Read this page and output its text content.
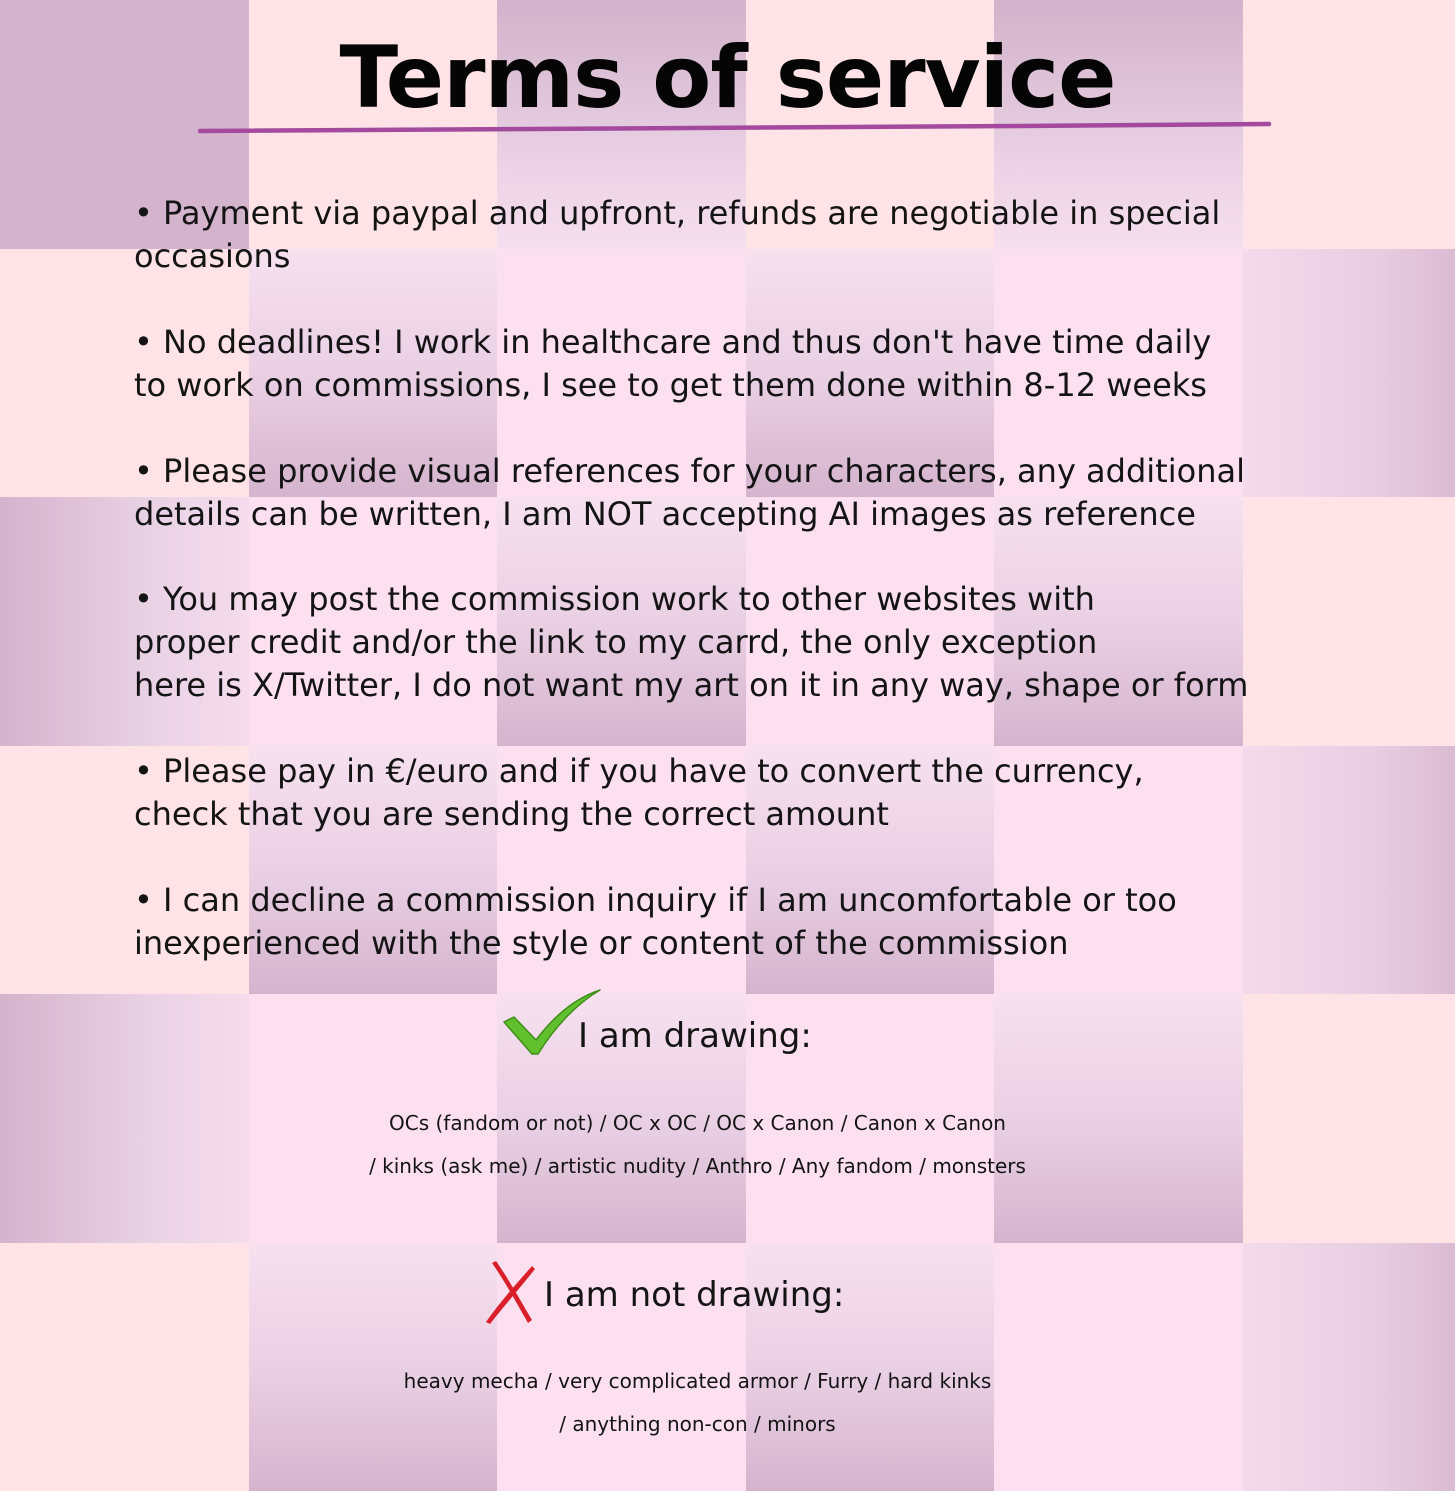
Terms of service

• Payment via paypal and upfront, refunds are negotiable in special
occasions

• No deadlines! I work in healthcare and thus don't have time daily
to work on commissions, I see to get them done within 8-12 weeks

• Please provide visual references for your characters, any additional
details can be written, I am NOT accepting AI images as reference

• You may post the commission work to other websites with
proper credit and/or the link to my carrd, the only exception
here is X/Twitter, I do not want my art on it in any way, shape or form

• Please pay in €/euro and if you have to convert the currency,
check that you are sending the correct amount

• I can decline a commission inquiry if I am uncomfortable or too
inexperienced with the style or content of the commission

I am drawing:
OCs (fandom or not) / OC x OC / OC x Canon / Canon x Canon
/ kinks (ask me) / artistic nudity / Anthro / Any fandom / monsters
I am not drawing:
heavy mecha / very complicated armor / Furry / hard kinks
/ anything non-con / minors
